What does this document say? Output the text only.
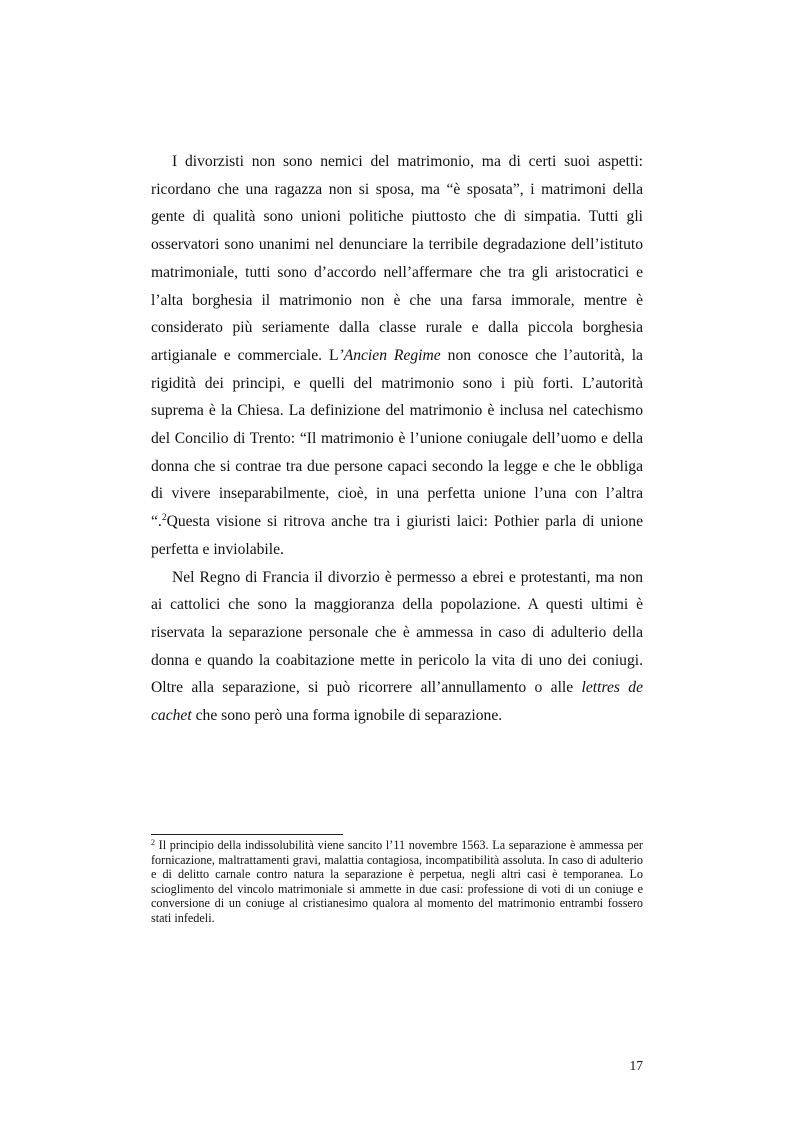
I divorzisti non sono nemici del matrimonio, ma di certi suoi aspetti: ricordano che una ragazza non si sposa, ma “è sposata”, i matrimoni della gente di qualità sono unioni politiche piuttosto che di simpatia. Tutti gli osservatori sono unanimi nel denunciare la terribile degradazione dell’istituto matrimoniale, tutti sono d’accordo nell’affermare che tra gli aristocratici e l’alta borghesia il matrimonio non è che una farsa immorale, mentre è considerato più seriamente dalla classe rurale e dalla piccola borghesia artigianale e commerciale. L’Ancien Regime non conosce che l’autorità, la rigidità dei principi, e quelli del matrimonio sono i più forti. L’autorità suprema è la Chiesa. La definizione del matrimonio è inclusa nel catechismo del Concilio di Trento: “Il matrimonio è l’unione coniugale dell’uomo e della donna che si contrae tra due persone capaci secondo la legge e che le obbliga di vivere inseparabilmente, cioè, in una perfetta unione l’una con l’altra “.$^2$Questa visione si ritrova anche tra i giuristi laici: Pothier parla di unione perfetta e inviolabile.

Nel Regno di Francia il divorzio è permesso a ebrei e protestanti, ma non ai cattolici che sono la maggioranza della popolazione. A questi ultimi è riservata la separazione personale che è ammessa in caso di adulterio della donna e quando la coabitazione mette in pericolo la vita di uno dei coniugi. Oltre alla separazione, si può ricorrere all’annullamento o alle lettres de cachet che sono però una forma ignobile di separazione.

$^2$ Il principio della indissolubilità viene sancito l’11 novembre 1563. La separazione è ammessa per fornicazione, maltrattamenti gravi, malattia contagiosa, incompatibilità assoluta. In caso di adulterio e di delitto carnale contro natura la separazione è perpetua, negli altri casi è temporanea. Lo scioglimento del vincolo matrimoniale si ammette in due casi: professione di voti di un coniuge e conversione di un coniuge al cristianesimo qualora al momento del matrimonio entrambi fossero stati infedeli.
17
